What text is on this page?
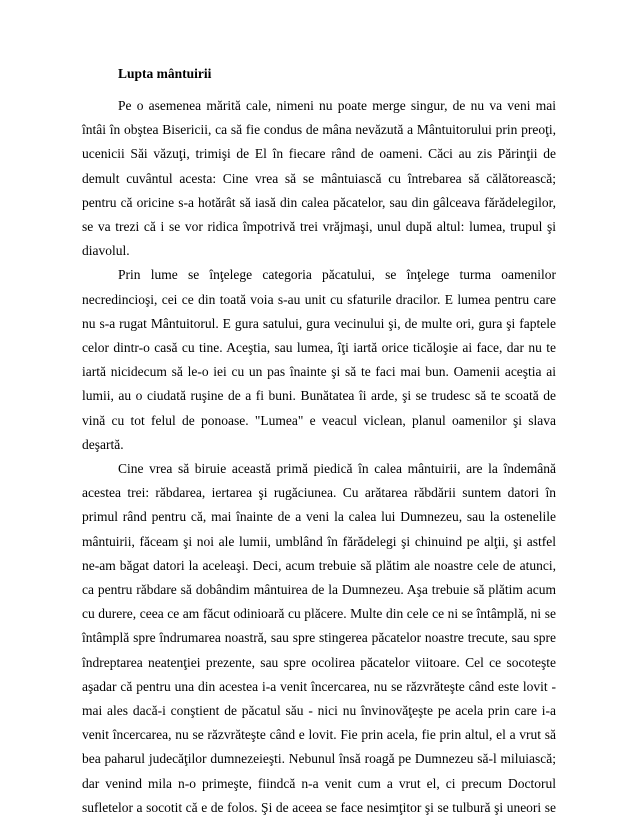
Lupta mântuirii

Pe o asemenea mărită cale, nimeni nu poate merge singur, de nu va veni mai întâi în obştea Bisericii, ca să fie condus de mâna nevăzută a Mântuitorului prin preoţi, ucenicii Săi văzuţi, trimişi de El în fiecare rând de oameni. Căci au zis Părinţii de demult cuvântul acesta: Cine vrea să se mântuiască cu întrebarea să călătorească; pentru că oricine s-a hotărât să iasă din calea păcatelor, sau din gâlceava fărădelegilor, se va trezi că i se vor ridica împotrivă trei vrăjmaşi, unul după altul: lumea, trupul şi diavolul.

Prin lume se înţelege categoria păcatului, se înţelege turma oamenilor necredincioşi, cei ce din toată voia s-au unit cu sfaturile dracilor. E lumea pentru care nu s-a rugat Mântuitorul. E gura satului, gura vecinului şi, de multe ori, gura şi faptele celor dintr-o casă cu tine. Aceştia, sau lumea, îţi iartă orice ticăloşie ai face, dar nu te iartă nicidecum să le-o iei cu un pas înainte şi să te faci mai bun. Oamenii aceştia ai lumii, au o ciudată ruşine de a fi buni. Bunătatea îi arde, şi se trudesc să te scoată de vină cu tot felul de ponoase. "Lumea" e veacul viclean, planul oamenilor şi slava deşartă.

Cine vrea să biruie această primă piedică în calea mântuirii, are la îndemână acestea trei: răbdarea, iertarea şi rugăciunea. Cu arătarea răbdării suntem datori în primul rând pentru că, mai înainte de a veni la calea lui Dumnezeu, sau la ostenelile mântuirii, făceam şi noi ale lumii, umblând în fărădelegi şi chinuind pe alţii, şi astfel ne-am băgat datori la aceleaşi. Deci, acum trebuie să plătim ale noastre cele de atunci, ca pentru răbdare să dobândim mântuirea de la Dumnezeu. Aşa trebuie să plătim acum cu durere, ceea ce am făcut odinioară cu plăcere. Multe din cele ce ni se întâmplă, ni se întâmplă spre îndrumarea noastră, sau spre stingerea păcatelor noastre trecute, sau spre îndreptarea neatenţiei prezente, sau spre ocolirea păcatelor viitoare. Cel ce socoteşte aşadar că pentru una din acestea i-a venit încercarea, nu se răzvrăteşte când este lovit - mai ales dacă-i conştient de păcatul său - nici nu învinovăţeşte pe acela prin care i-a venit încercarea, nu se răzvrăteşte când e lovit. Fie prin acela, fie prin altul, el a vrut să bea paharul judecăţilor dumnezeieşti. Nebunul însă roagă pe Dumnezeu să-l miluiască; dar venind mila n-o primeşte, fiindcă n-a venit cum a vrut el, ci precum Doctorul sufletelor a socotit că e de folos. Şi de aceea se face nesimţitor şi se tulbură şi uneori se
